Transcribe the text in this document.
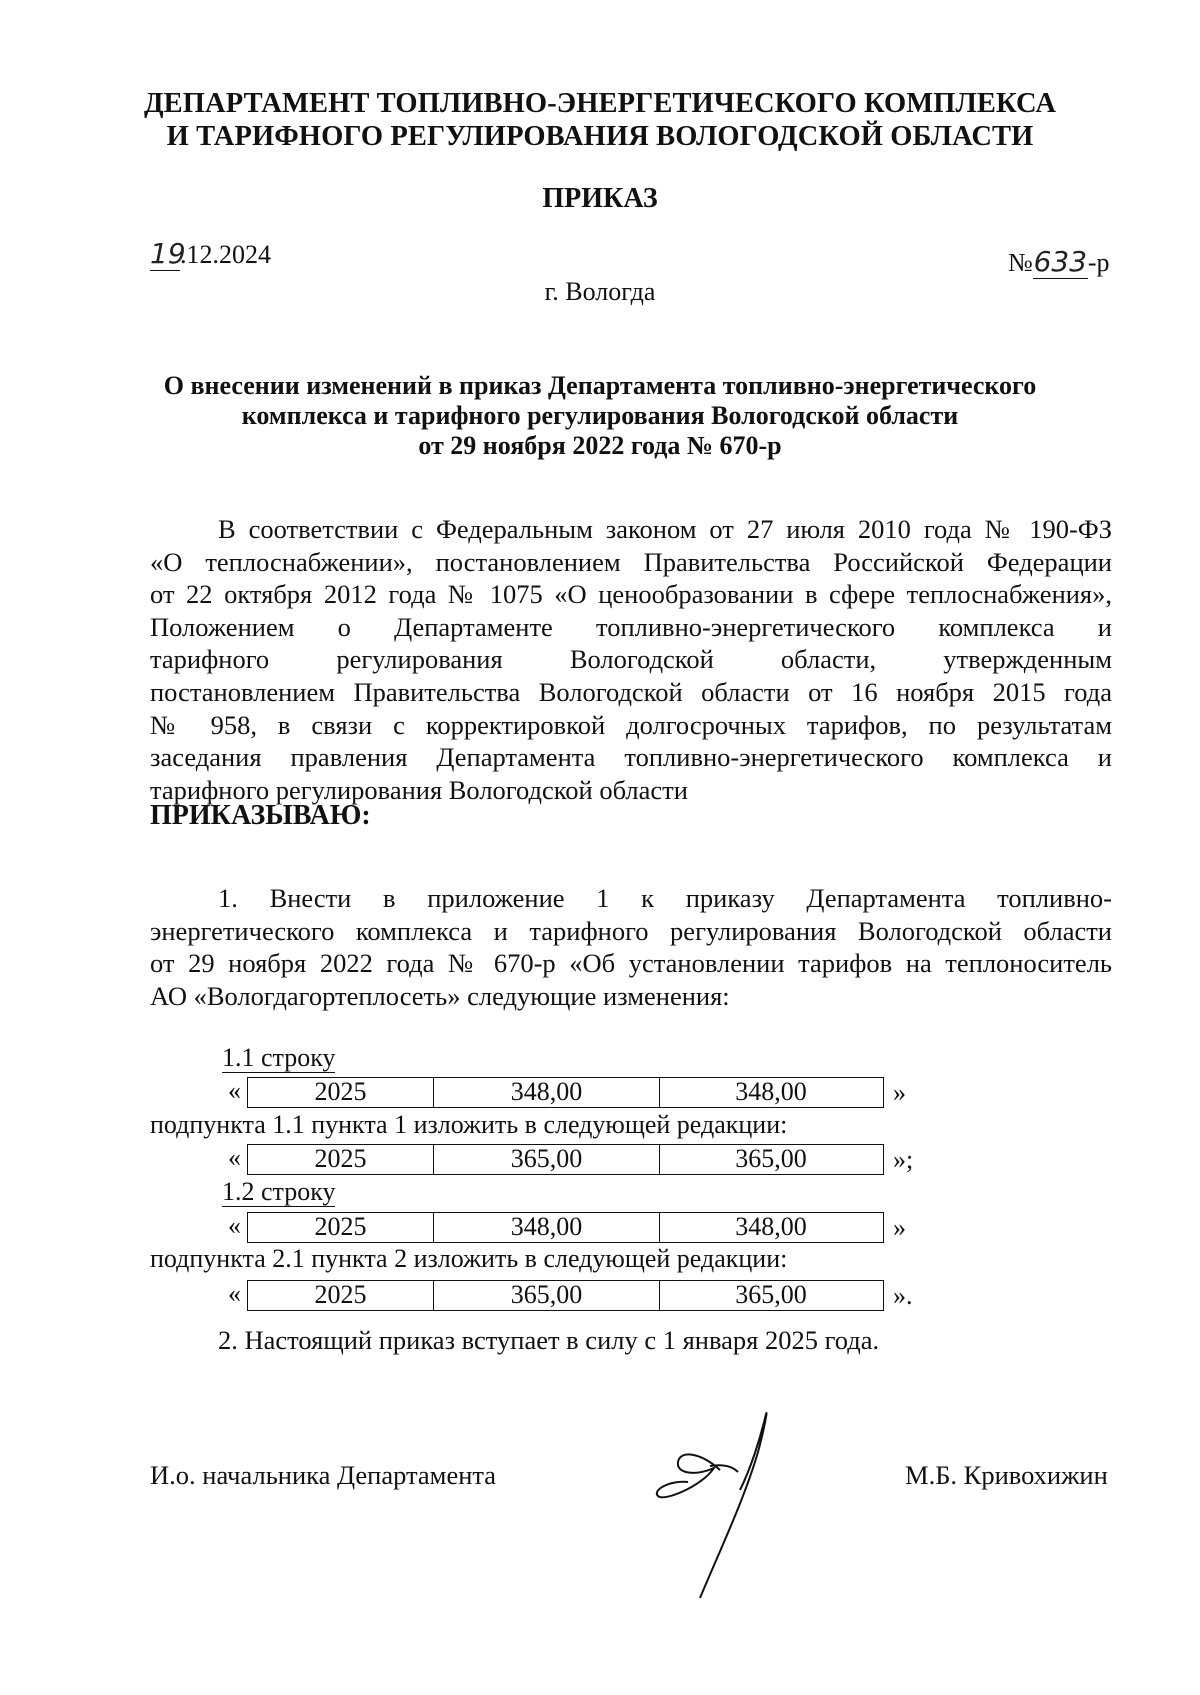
ДЕПАРТАМЕНТ ТОПЛИВНО-ЭНЕРГЕТИЧЕСКОГО КОМПЛЕКСА
И ТАРИФНОГО РЕГУЛИРОВАНИЯ ВОЛОГОДСКОЙ ОБЛАСТИ
ПРИКАЗ
19.12.2024	№633-р
г. Вологда
О внесении изменений в приказ Департамента топливно-энергетического
комплекса и тарифного регулирования Вологодской области
от 29 ноября 2022 года № 670-р
В соответствии с Федеральным законом от 27 июля 2010 года № 190-ФЗ
«О теплоснабжении», постановлением Правительства Российской Федерации
от 22 октября 2012 года № 1075 «О ценообразовании в сфере теплоснабжения»,
Положением о Департаменте топливно-энергетического комплекса и
тарифного регулирования Вологодской области, утвержденным
постановлением Правительства Вологодской области от 16 ноября 2015 года
№ 958, в связи с корректировкой долгосрочных тарифов, по результатам
заседания правления Департамента топливно-энергетического комплекса и
тарифного регулирования Вологодской области
ПРИКАЗЫВАЮ:
1. Внести в приложение 1 к приказу Департамента топливно-
энергетического комплекса и тарифного регулирования Вологодской области
от 29 ноября 2022 года № 670-р «Об установлении тарифов на теплоноситель
АО «Вологдагортеплосеть» следующие изменения:
1.1 строку
«	2025	348,00	348,00	»
подпункта 1.1 пункта 1 изложить в следующей редакции:
«	2025	365,00	365,00	»;
1.2 строку
«	2025	348,00	348,00	»
подпункта 2.1 пункта 2 изложить в следующей редакции:
«	2025	365,00	365,00	».
2. Настоящий приказ вступает в силу с 1 января 2025 года.
И.о. начальника Департамента	М.Б. Кривохижин
